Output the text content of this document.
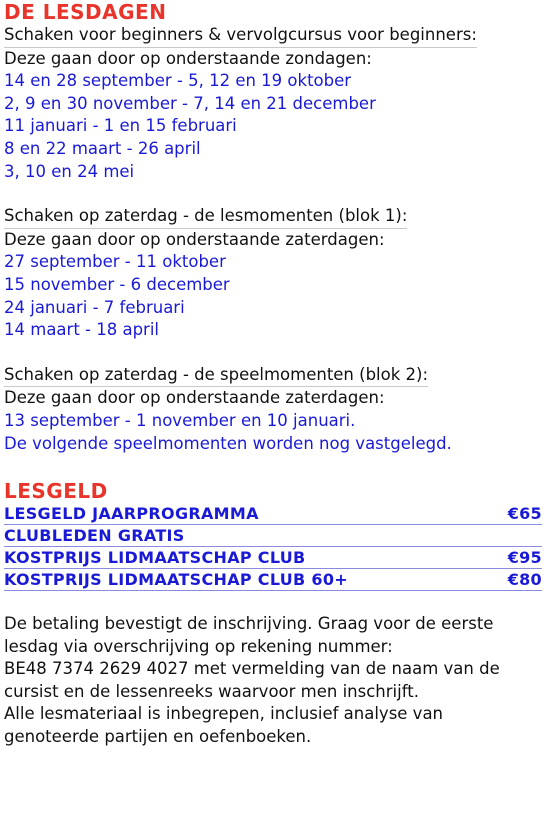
DE LESDAGEN
Schaken voor beginners & vervolgcursus voor beginners:
Deze gaan door op onderstaande zondagen:
14 en 28 september - 5, 12 en 19 oktober
2, 9 en 30 november - 7, 14 en 21 december
11 januari - 1 en 15 februari
8 en 22 maart - 26 april
3, 10 en 24 mei
Schaken op zaterdag - de lesmomenten (blok 1):
Deze gaan door op onderstaande zaterdagen:
27 september - 11 oktober
15 november - 6 december
24 januari - 7 februari
14 maart - 18 april
Schaken op zaterdag - de speelmomenten (blok 2):
Deze gaan door op onderstaande zaterdagen:
13 september - 1 november en 10 januari.
De volgende speelmomenten worden nog vastgelegd.
LESGELD
LESGELD JAARPROGRAMMA	€65
CLUBLEDEN GRATIS
KOSTPRIJS LIDMAATSCHAP CLUB	€95
KOSTPRIJS LIDMAATSCHAP CLUB 60+	€80
De betaling bevestigt de inschrijving. Graag voor de eerste
lesdag via overschrijving op rekening nummer:
BE48 7374 2629 4027 met vermelding van de naam van de
cursist en de lessenreeks waarvoor men inschrijft.
Alle lesmateriaal is inbegrepen, inclusief analyse van
genoteerde partijen en oefenboeken.
